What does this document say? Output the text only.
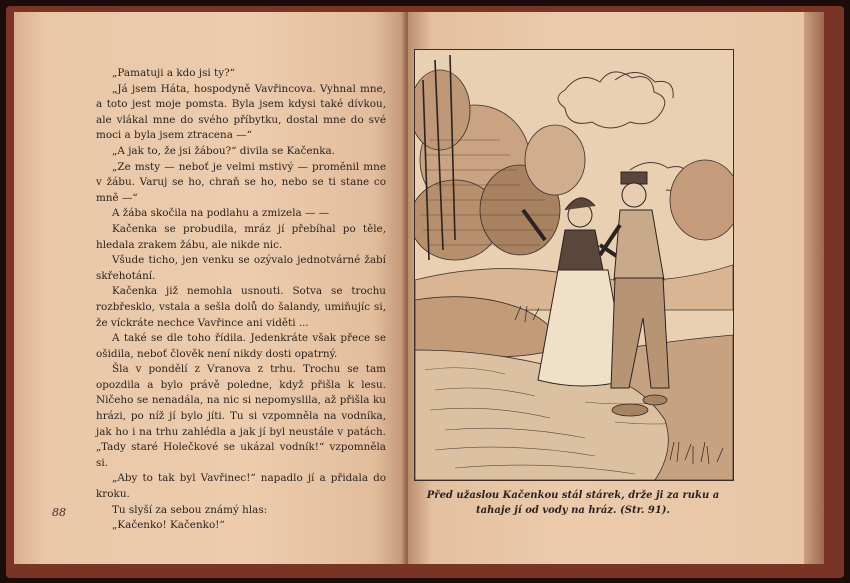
„Pamatuji a kdo jsi ty?“

„Já jsem Háta, hospodyně Vavřincova. Vyhnal mne, a toto jest moje pomsta. Byla jsem kdysi také dívkou, ale vlákal mne do svého příbytku, dostal mne do své moci a byla jsem ztracena —“

„A jak to, že jsi žábou?“ divila se Kačenka.

„Ze msty — neboť je velmi mstivý — proměnil mne v žábu. Varuj se ho, chraň se ho, nebo se ti stane co mně —“

A žába skočila na podlahu a zmizela — —

Kačenka se probudila, mráz jí přebíhal po těle, hledala zrakem žábu, ale nikde nic.

Všude ticho, jen venku se ozývalo jednotvárné žabí skřehotání.

Kačenka již nemohla usnouti. Sotva se trochu rozbřesklo, vstala a sešla dolů do šalandy, umiňujíc si, že víckráte nechce Vavřince ani viděti ...

A také se dle toho řídila. Jedenkráte však přece se ošidila, neboť člověk není nikdy dosti opatrný.

Šla v pondělí z Vranova z trhu. Trochu se tam opozdila a bylo právě poledne, když přišla k lesu. Ničeho se nenadála, na nic si nepomyslila, až přišla ku hrázi, po níž jí bylo jíti. Tu si vzpomněla na vodníka, jak ho i na trhu zahlédla a jak jí byl neustále v patách. „Tady staré Holečkové se ukázal vodník!“ vzpomněla si.

„Aby to tak byl Vavřinec!“ napadlo jí a přidala do kroku.

Tu slyší za sebou známý hlas:

„Kačenko! Kačenko!“

88
Před užaslou Kačenkou stál stárek, drže ji za ruku a tahaje jí od vody na hráz. (Str. 91).
